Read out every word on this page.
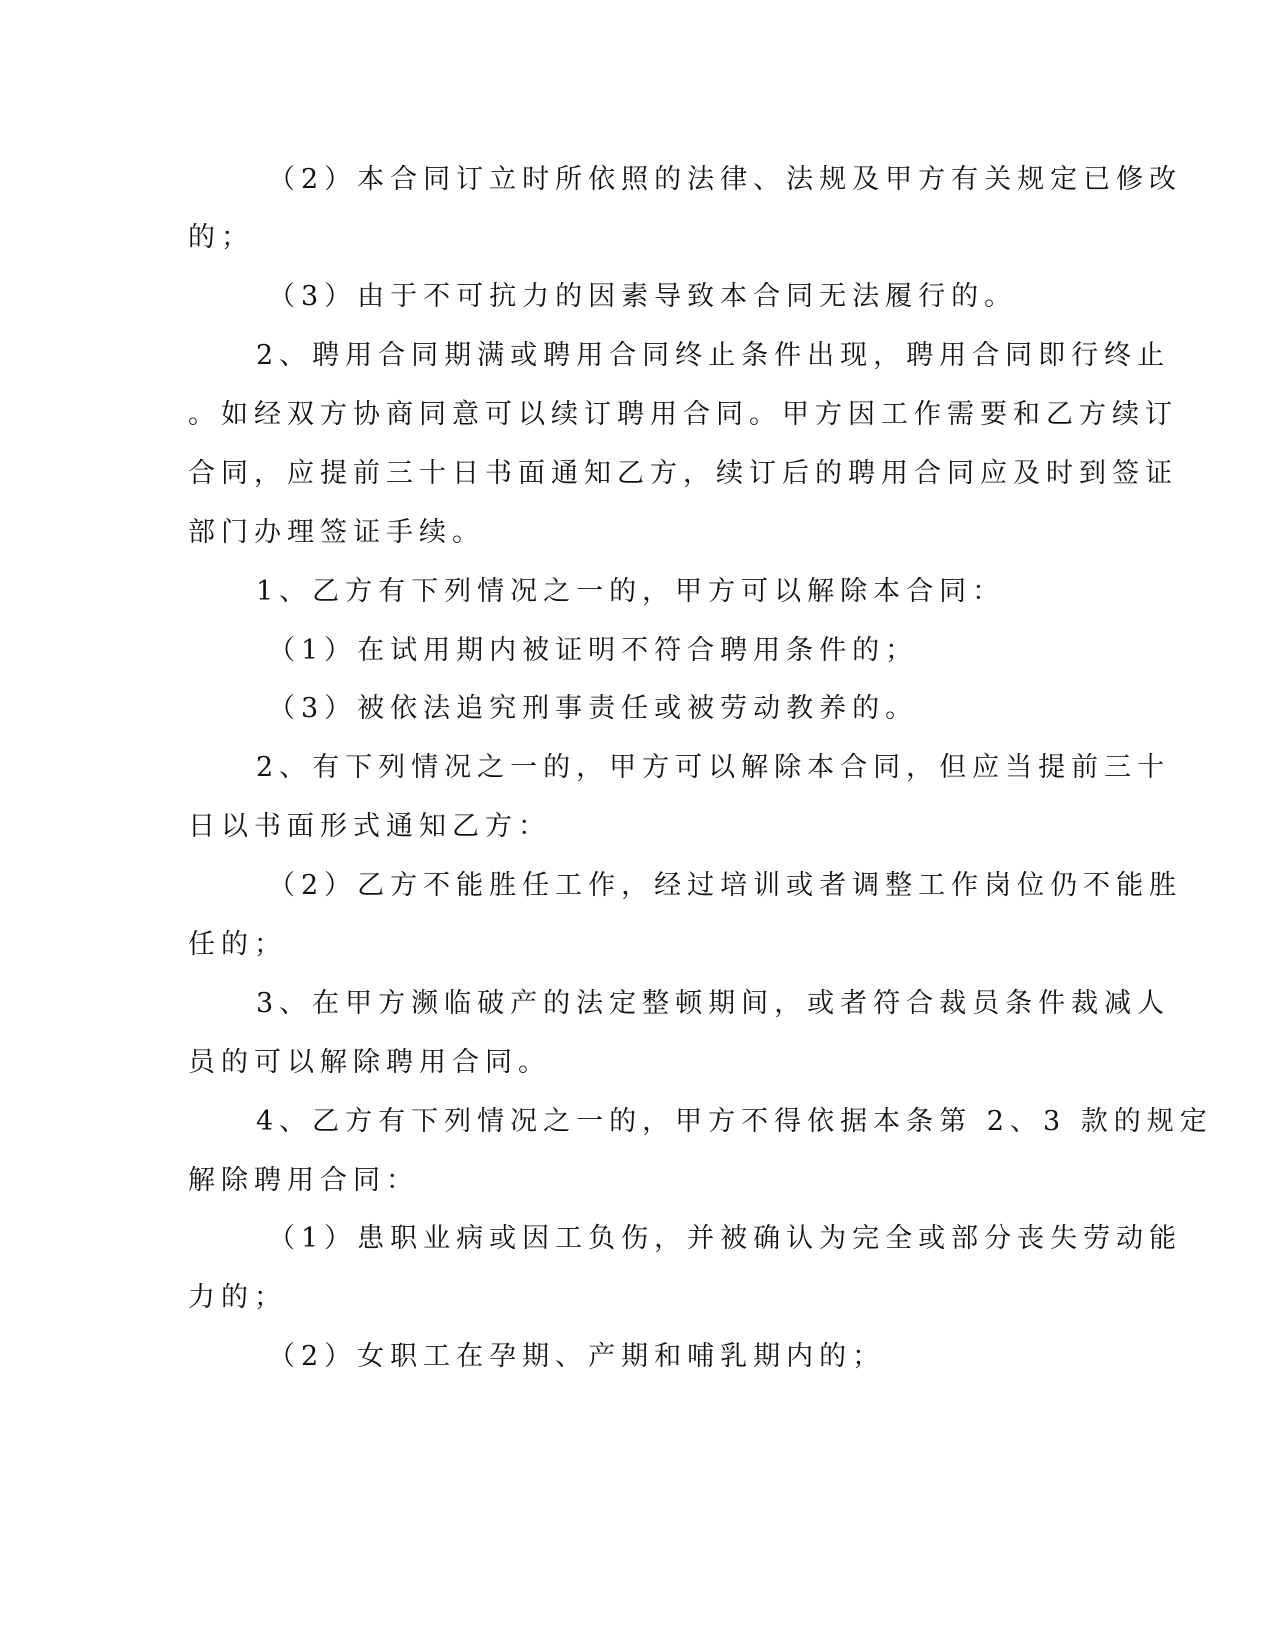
（2）本合同订立时所依照的法律、法规及甲方有关规定已修改
的；
（3）由于不可抗力的因素导致本合同无法履行的。
2、聘用合同期满或聘用合同终止条件出现，聘用合同即行终止
。如经双方协商同意可以续订聘用合同。甲方因工作需要和乙方续订
合同，应提前三十日书面通知乙方，续订后的聘用合同应及时到签证
部门办理签证手续。
1、乙方有下列情况之一的，甲方可以解除本合同：
（1）在试用期内被证明不符合聘用条件的；
（3）被依法追究刑事责任或被劳动教养的。
2、有下列情况之一的，甲方可以解除本合同，但应当提前三十
日以书面形式通知乙方：
（2）乙方不能胜任工作，经过培训或者调整工作岗位仍不能胜
任的；
3、在甲方濒临破产的法定整顿期间，或者符合裁员条件裁减人
员的可以解除聘用合同。
4、乙方有下列情况之一的，甲方不得依据本条第 2、3 款的规定
解除聘用合同：
（1）患职业病或因工负伤，并被确认为完全或部分丧失劳动能
力的；
（2）女职工在孕期、产期和哺乳期内的；
